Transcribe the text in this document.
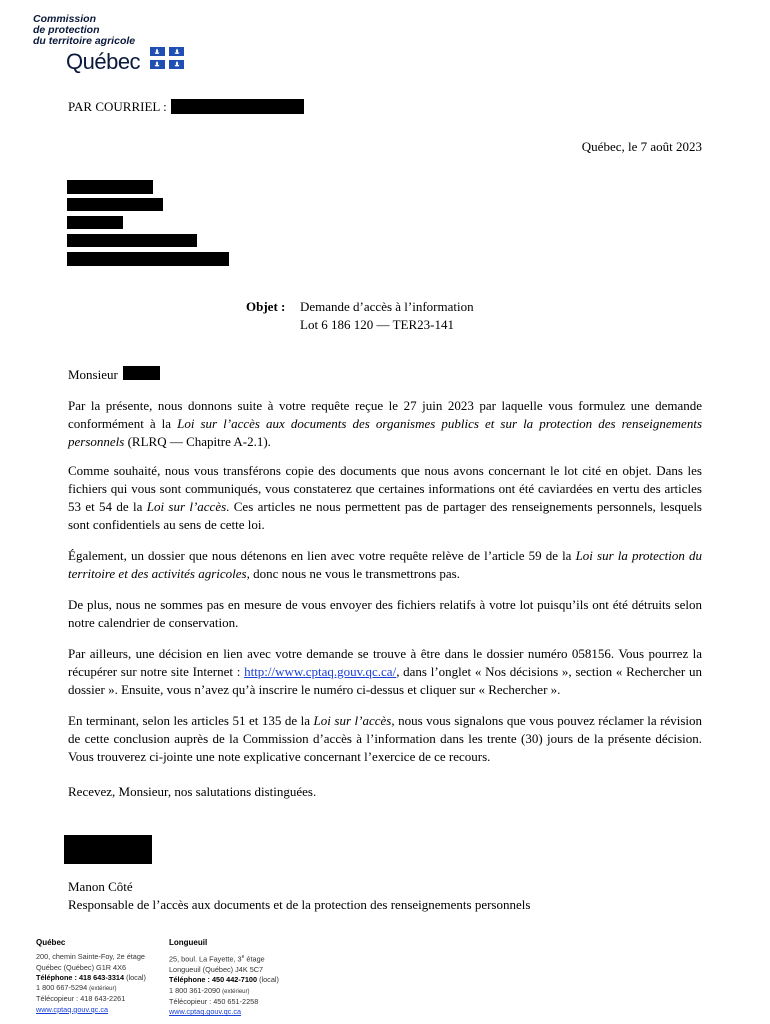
Commission
de protection
du territoire agricole
Québec
PAR COURRIEL :
Québec, le 7 août 2023
Objet : Demande d’accès à l’information
Lot 6 186 120 — TER23-141
Monsieur
Par la présente, nous donnons suite à votre requête reçue le 27 juin 2023 par laquelle vous formulez une demande conformément à la Loi sur l’accès aux documents des organismes publics et sur la protection des renseignements personnels (RLRQ — Chapitre A-2.1).
Comme souhaité, nous vous transférons copie des documents que nous avons concernant le lot cité en objet. Dans les fichiers qui vous sont communiqués, vous constaterez que certaines informations ont été caviardées en vertu des articles 53 et 54 de la Loi sur l’accès. Ces articles ne nous permettent pas de partager des renseignements personnels, lesquels sont confidentiels au sens de cette loi.
Également, un dossier que nous détenons en lien avec votre requête relève de l’article 59 de la Loi sur la protection du territoire et des activités agricoles, donc nous ne vous le transmettrons pas.
De plus, nous ne sommes pas en mesure de vous envoyer des fichiers relatifs à votre lot puisqu’ils ont été détruits selon notre calendrier de conservation.
Par ailleurs, une décision en lien avec votre demande se trouve à être dans le dossier numéro 058156. Vous pourrez la récupérer sur notre site Internet : http://www.cptaq.gouv.qc.ca/, dans l’onglet « Nos décisions », section « Rechercher un dossier ». Ensuite, vous n’avez qu’à inscrire le numéro ci-dessus et cliquer sur « Rechercher ».
En terminant, selon les articles 51 et 135 de la Loi sur l’accès, nous vous signalons que vous pouvez réclamer la révision de cette conclusion auprès de la Commission d’accès à l’information dans les trente (30) jours de la présente décision. Vous trouverez ci-jointe une note explicative concernant l’exercice de ce recours.
Recevez, Monsieur, nos salutations distinguées.
Manon Côté
Responsable de l’accès aux documents et de la protection des renseignements personnels
Québec
200, chemin Sainte-Foy, 2e étage
Québec (Québec) G1R 4X6
Téléphone : 418 643-3314 (local)
1 800 667-5294 (extérieur)
Télécopieur : 418 643-2261
www.cptaq.gouv.qc.ca
Longueuil
25, boul. La Fayette, 3e étage
Longueuil (Québec) J4K 5C7
Téléphone : 450 442-7100 (local)
1 800 361-2090 (extérieur)
Télécopieur : 450 651-2258
www.cptaq.gouv.qc.ca
